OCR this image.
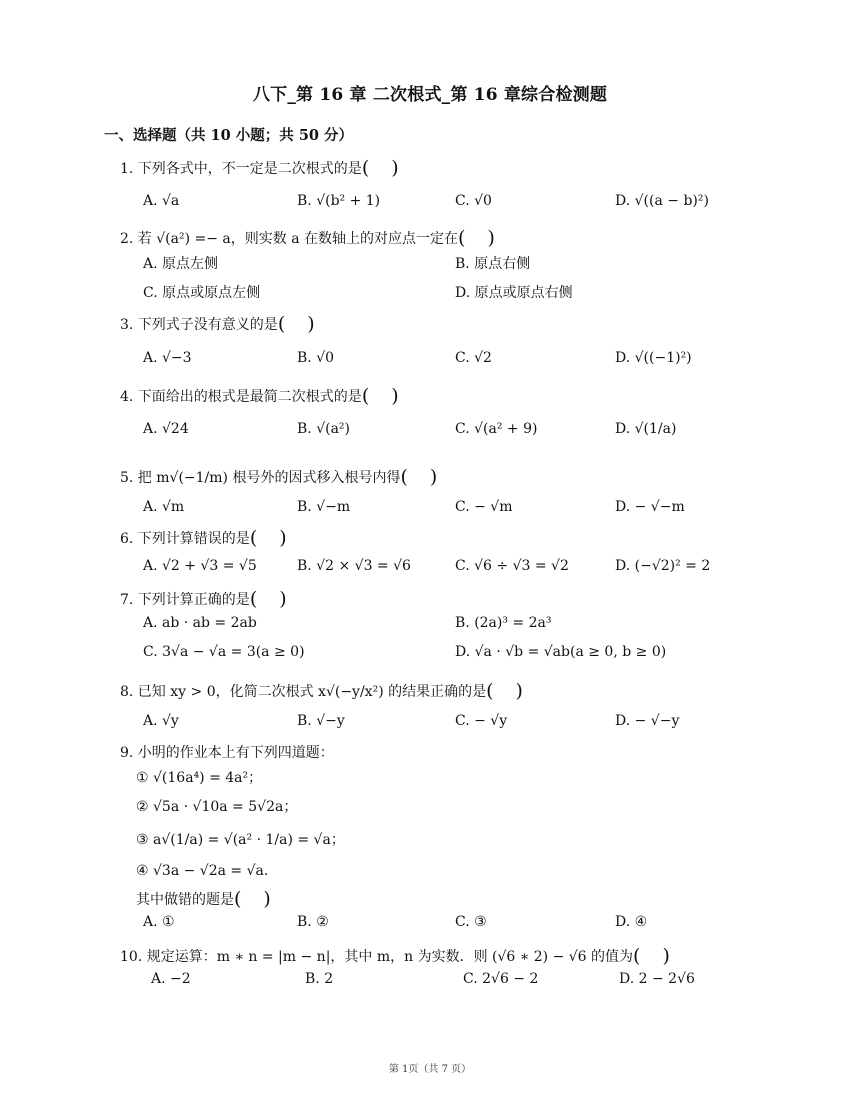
八下_第 16 章 二次根式_第 16 章综合检测题
一、选择题（共 10 小题；共 50 分）
1. 下列各式中，不一定是二次根式的是( )
A. √a	B. √(b² + 1)	C. √0	D. √((a − b)²)
2. 若 √(a²) =− a，则实数 a 在数轴上的对应点一定在( )
A. 原点左侧	B. 原点右侧
C. 原点或原点左侧	D. 原点或原点右侧
3. 下列式子没有意义的是( )
A. √−3	B. √0	C. √2	D. √((−1)²)
4. 下面给出的根式是最简二次根式的是( )
A. √24	B. √(a²)	C. √(a² + 9)	D. √(1/a)
5. 把 m√(−1/m) 根号外的因式移入根号内得( )
A. √m	B. √−m	C. − √m	D. − √−m
6. 下列计算错误的是( )
A. √2 + √3 = √5	B. √2 × √3 = √6	C. √6 ÷ √3 = √2	D. (−√2)² = 2
7. 下列计算正确的是( )
A. ab · ab = 2ab	B. (2a)³ = 2a³
C. 3√a − √a = 3(a ≥ 0)	D. √a · √b = √ab(a ≥ 0, b ≥ 0)
8. 已知 xy > 0，化简二次根式 x√(−y/x²) 的结果正确的是( )
A. √y	B. √−y	C. − √y	D. − √−y
9. 小明的作业本上有下列四道题：
① √(16a⁴) = 4a²；
② √5a · √10a = 5√2a；
③ a√(1/a) = √(a² · 1/a) = √a；
④ √3a − √2a = √a.
其中做错的题是( )
A. ①	B. ②	C. ③	D. ④
10. 规定运算：m ∗ n = |m − n|，其中 m，n 为实数．则 (√6 ∗ 2) − √6 的值为( )
A. −2	B. 2	C. 2√6 − 2	D. 2 − 2√6
第 1页（共 7 页）
